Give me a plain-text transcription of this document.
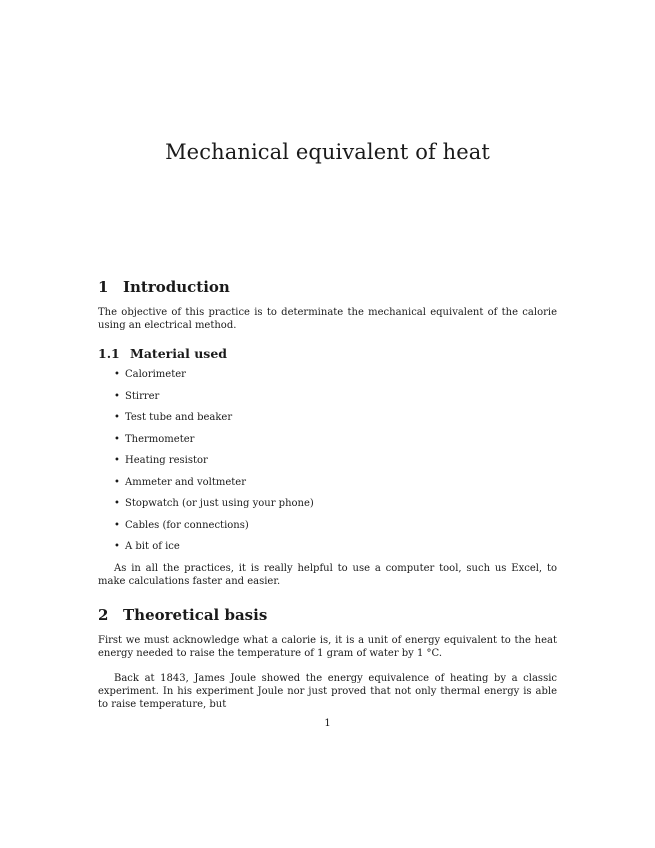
Mechanical equivalent of heat
1 Introduction

The objective of this practice is to determinate the mechanical equivalent of the calorie using an electrical method.

1.1 Material used
• Calorimeter
• Stirrer
• Test tube and beaker
• Thermometer
• Heating resistor
• Ammeter and voltmeter
• Stopwatch (or just using your phone)
• Cables (for connections)
• A bit of ice

As in all the practices, it is really helpful to use a computer tool, such us Excel, to make calculations faster and easier.

2 Theoretical basis

First we must acknowledge what a calorie is, it is a unit of energy equivalent to the heat energy needed to raise the temperature of 1 gram of water by 1 °C.

Back at 1843, James Joule showed the energy equivalence of heating by a classic experiment. In his experiment Joule nor just proved that not only thermal energy is able to raise temperature, but

1
